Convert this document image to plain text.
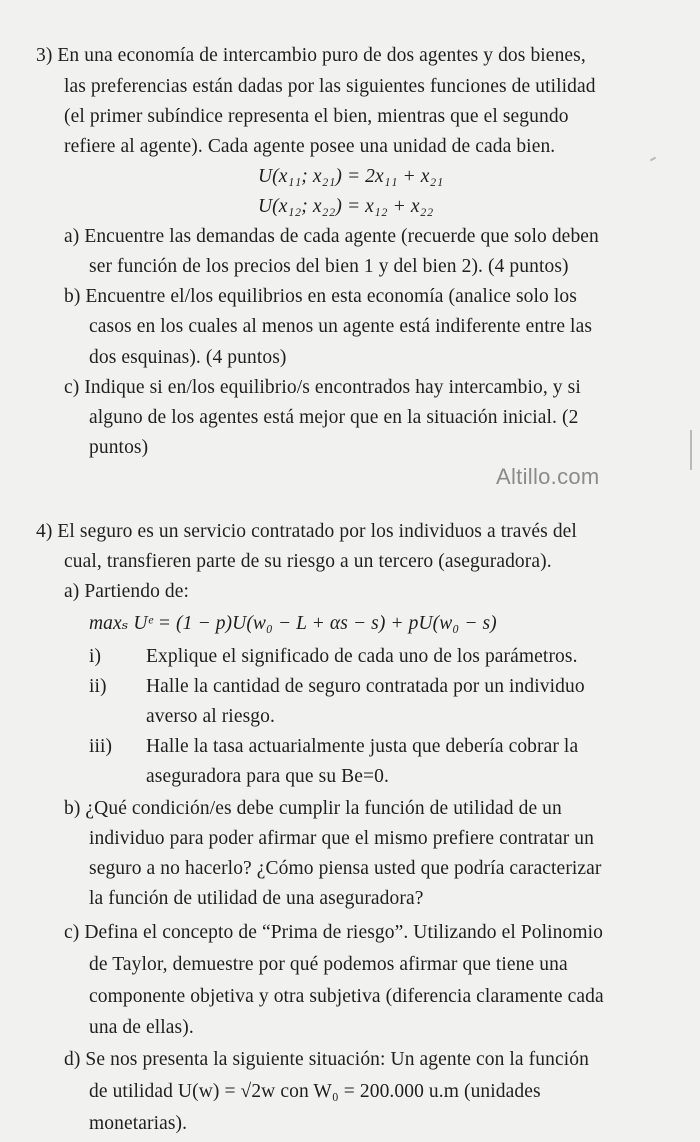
3) En una economía de intercambio puro de dos agentes y dos bienes,
las preferencias están dadas por las siguientes funciones de utilidad
(el primer subíndice representa el bien, mientras que el segundo
refiere al agente). Cada agente posee una unidad de cada bien.
U(x₁₁; x₂₁) = 2x₁₁ + x₂₁
U(x₁₂; x₂₂) = x₁₂ + x₂₂
a) Encuentre las demandas de cada agente (recuerde que solo deben
ser función de los precios del bien 1 y del bien 2). (4 puntos)
b) Encuentre el/los equilibrios en esta economía (analice solo los
casos en los cuales al menos un agente está indiferente entre las
dos esquinas). (4 puntos)
c) Indique si en/los equilibrio/s encontrados hay intercambio, y si
alguno de los agentes está mejor que en la situación inicial. (2
puntos)
Altillo.com
4) El seguro es un servicio contratado por los individuos a través del
cual, transfieren parte de su riesgo a un tercero (aseguradora).
a) Partiendo de:
maxₛ Uᵉ = (1 − p)U(w₀ − L + αs − s) + pU(w₀ − s)
i) Explique el significado de cada uno de los parámetros.
ii) Halle la cantidad de seguro contratada por un individuo
averso al riesgo.
iii) Halle la tasa actuarialmente justa que debería cobrar la
aseguradora para que su Be=0.
b) ¿Qué condición/es debe cumplir la función de utilidad de un
individuo para poder afirmar que el mismo prefiere contratar un
seguro a no hacerlo? ¿Cómo piensa usted que podría caracterizar
la función de utilidad de una aseguradora?
c) Defina el concepto de “Prima de riesgo”. Utilizando el Polinomio
de Taylor, demuestre por qué podemos afirmar que tiene una
componente objetiva y otra subjetiva (diferencia claramente cada
una de ellas).
d) Se nos presenta la siguiente situación: Un agente con la función
de utilidad U(w) = √2w con W₀ = 200.000 u.m (unidades
monetarias).
